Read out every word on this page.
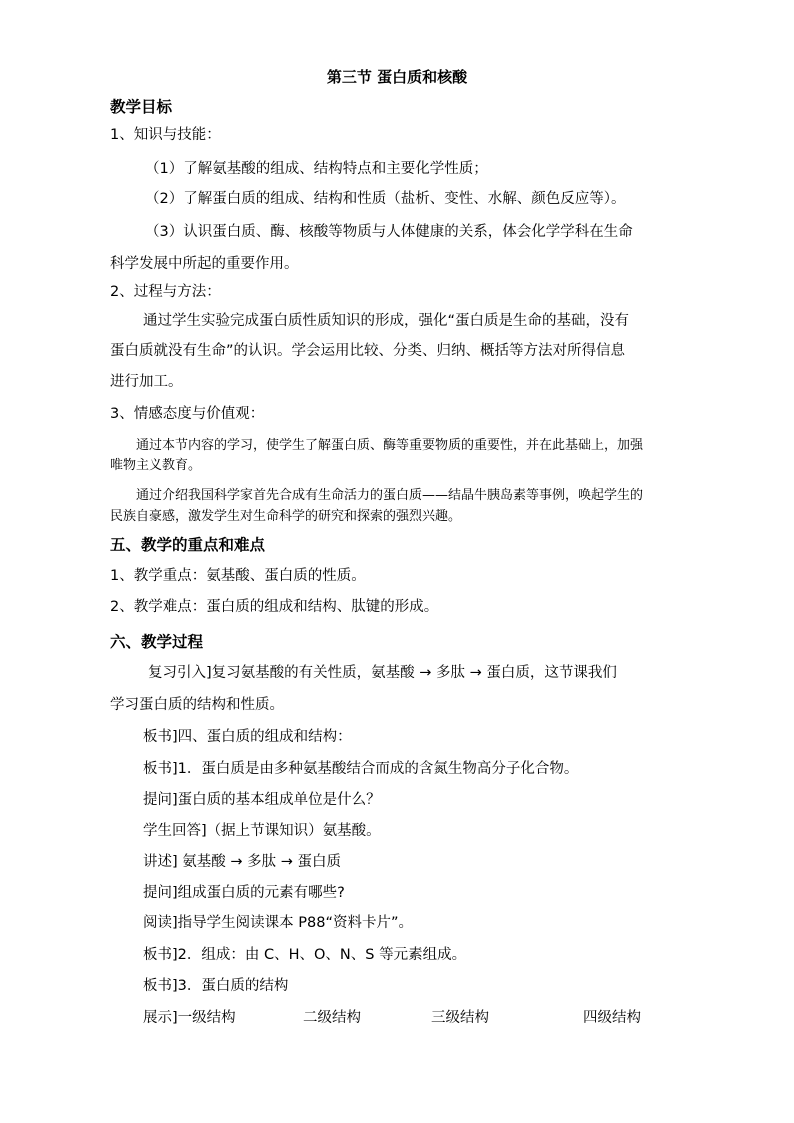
第三节 蛋白质和核酸
教学目标
1、知识与技能：
（1）了解氨基酸的组成、结构特点和主要化学性质；
（2）了解蛋白质的组成、结构和性质（盐析、变性、水解、颜色反应等）。
（3）认识蛋白质、酶、核酸等物质与人体健康的关系，体会化学学科在生命
科学发展中所起的重要作用。
2、过程与方法：
通过学生实验完成蛋白质性质知识的形成，强化“蛋白质是生命的基础，没有
蛋白质就没有生命”的认识。学会运用比较、分类、归纳、概括等方法对所得信息
进行加工。
3、情感态度与价值观：
通过本节内容的学习，使学生了解蛋白质、酶等重要物质的重要性，并在此基础上，加强
唯物主义教育。
通过介绍我国科学家首先合成有生命活力的蛋白质——结晶牛胰岛素等事例，唤起学生的
民族自豪感，激发学生对生命科学的研究和探索的强烈兴趣。
五、教学的重点和难点
1、教学重点：氨基酸、蛋白质的性质。
2、教学难点：蛋白质的组成和结构、肽键的形成。
六、教学过程
复习引入]复习氨基酸的有关性质，氨基酸 → 多肽 → 蛋白质，这节课我们
学习蛋白质的结构和性质。
板书]四、蛋白质的组成和结构：
板书]1．蛋白质是由多种氨基酸结合而成的含氮生物高分子化合物。
提问]蛋白质的基本组成单位是什么？
学生回答]（据上节课知识）氨基酸。
讲述] 氨基酸 → 多肽 → 蛋白质
提问]组成蛋白质的元素有哪些?
阅读]指导学生阅读课本 P88“资料卡片”。
板书]2．组成：由 C、H、O、N、S 等元素组成。
板书]3．蛋白质的结构
展示]一级结构	二级结构	三级结构	四级结构
